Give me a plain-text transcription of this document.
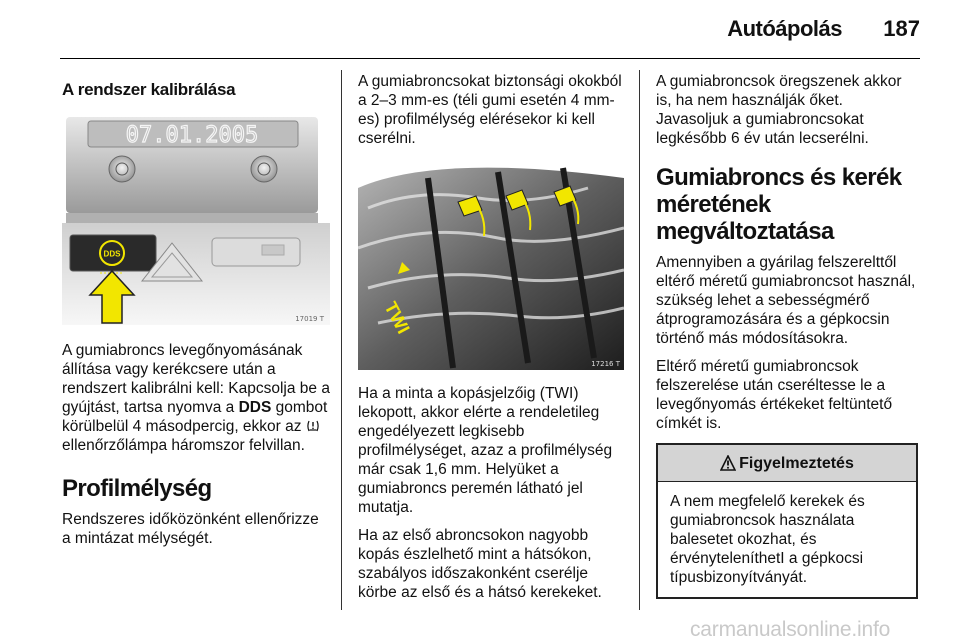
Autóápolás 187
A rendszer kalibrálása
07.01.2005
DDS
17019 T

A gumiabroncs levegőnyomásának állítása vagy kerékcsere után a rendszert kalibrálni kell: Kapcsolja be a gyújtást, tartsa nyomva a DDS gombot körülbelül 4 másodpercig, ekkor az  ellenőrzőlámpa háromszor felvillan.

Profilmélység

Rendszeres időközönként ellenőrizze a mintázat mélységét.

A gumiabroncsokat biztonsági okokból a 2–3 mm-es (téli gumi esetén 4 mm-es) profilmélység elérésekor ki kell cserélni.

TWI
17216 T

Ha a minta a kopásjelzőig (TWI) lekopott, akkor elérte a rendeletileg engedélyezett legkisebb profilmélységet, azaz a profilmélység már csak 1,6 mm. Helyüket a gumiabroncs peremén látható jel mutatja.

Ha az első abroncsokon nagyobb kopás észlelhető mint a hátsókon, szabályos időszakonként cserélje körbe az első és a hátsó kerekeket.

A gumiabroncsok öregszenek akkor is, ha nem használják őket. Javasoljuk a gumiabroncsokat legkésőbb 6 év után lecserélni.

Gumiabroncs és kerék méretének megváltoztatása

Amennyiben a gyárilag felszerelttől eltérő méretű gumiabroncsot használ, szükség lehet a sebességmérő átprogramozására és a gépkocsin történő más módosításokra.

Eltérő méretű gumiabroncsok felszerelése után cseréltesse le a levegőnyomás értékeket feltüntető címkét is.

Figyelmeztetés
A nem megfelelő kerekek és gumiabroncsok használata balesetet okozhat, és érvényteleníthetI a gépkocsi típusbizonyítványát.
carmanualsonline.info
